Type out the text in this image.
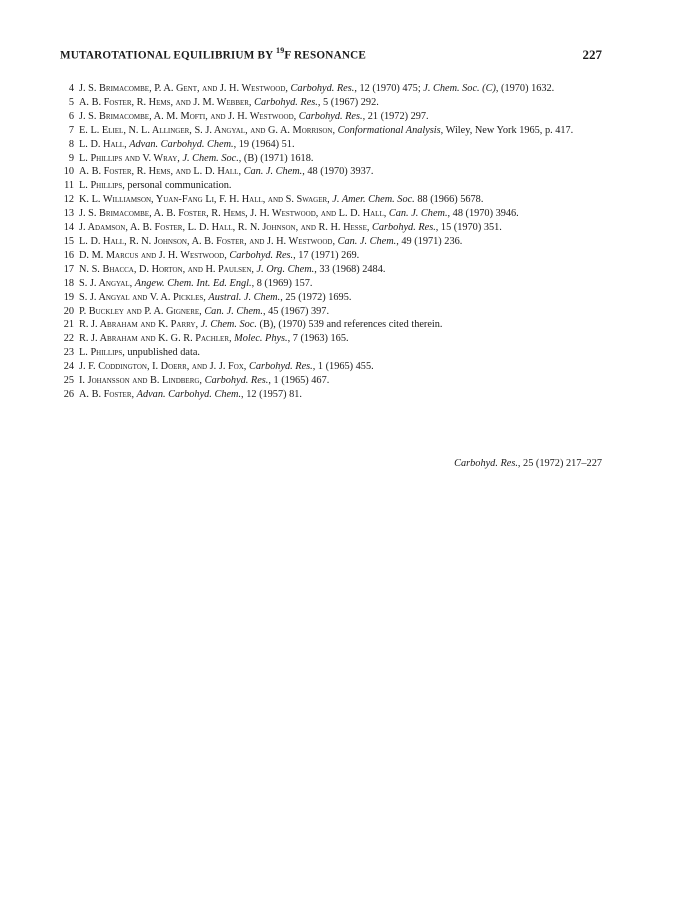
MUTAROTATIONAL EQUILIBRIUM BY $^{19}$F RESONANCE	227
4 J. S. Brimacombe, P. A. Gent, and J. H. Westwood, Carbohyd. Res., 12 (1970) 475; J. Chem. Soc. (C), (1970) 1632.
5 A. B. Foster, R. Hems, and J. M. Webber, Carbohyd. Res., 5 (1967) 292.
6 J. S. Brimacombe, A. M. Mofti, and J. H. Westwood, Carbohyd. Res., 21 (1972) 297.
7 E. L. Eliel, N. L. Allinger, S. J. Angyal, and G. A. Morrison, Conformational Analysis, Wiley, New York 1965, p. 417.
8 L. D. Hall, Advan. Carbohyd. Chem., 19 (1964) 51.
9 L. Phillips and V. Wray, J. Chem. Soc., (B) (1971) 1618.
10 A. B. Foster, R. Hems, and L. D. Hall, Can. J. Chem., 48 (1970) 3937.
11 L. Phillips, personal communication.
12 K. L. Williamson, Yuan-Fang Li, F. H. Hall, and S. Swager, J. Amer. Chem. Soc. 88 (1966) 5678.
13 J. S. Brimacombe, A. B. Foster, R. Hems, J. H. Westwood, and L. D. Hall, Can. J. Chem., 48 (1970) 3946.
14 J. Adamson, A. B. Foster, L. D. Hall, R. N. Johnson, and R. H. Hesse, Carbohyd. Res., 15 (1970) 351.
15 L. D. Hall, R. N. Johnson, A. B. Foster, and J. H. Westwood, Can. J. Chem., 49 (1971) 236.
16 D. M. Marcus and J. H. Westwood, Carbohyd. Res., 17 (1971) 269.
17 N. S. Bhacca, D. Horton, and H. Paulsen, J. Org. Chem., 33 (1968) 2484.
18 S. J. Angyal, Angew. Chem. Int. Ed. Engl., 8 (1969) 157.
19 S. J. Angyal and V. A. Pickles, Austral. J. Chem., 25 (1972) 1695.
20 P. Buckley and P. A. Gignere, Can. J. Chem., 45 (1967) 397.
21 R. J. Abraham and K. Parry, J. Chem. Soc. (B), (1970) 539 and references cited therein.
22 R. J. Abraham and K. G. R. Pachler, Molec. Phys., 7 (1963) 165.
23 L. Phillips, unpublished data.
24 J. F. Coddington, I. Doerr, and J. J. Fox, Carbohyd. Res., 1 (1965) 455.
25 I. Johansson and B. Lindberg, Carbohyd. Res., 1 (1965) 467.
26 A. B. Foster, Advan. Carbohyd. Chem., 12 (1957) 81.
Carbohyd. Res., 25 (1972) 217–227
